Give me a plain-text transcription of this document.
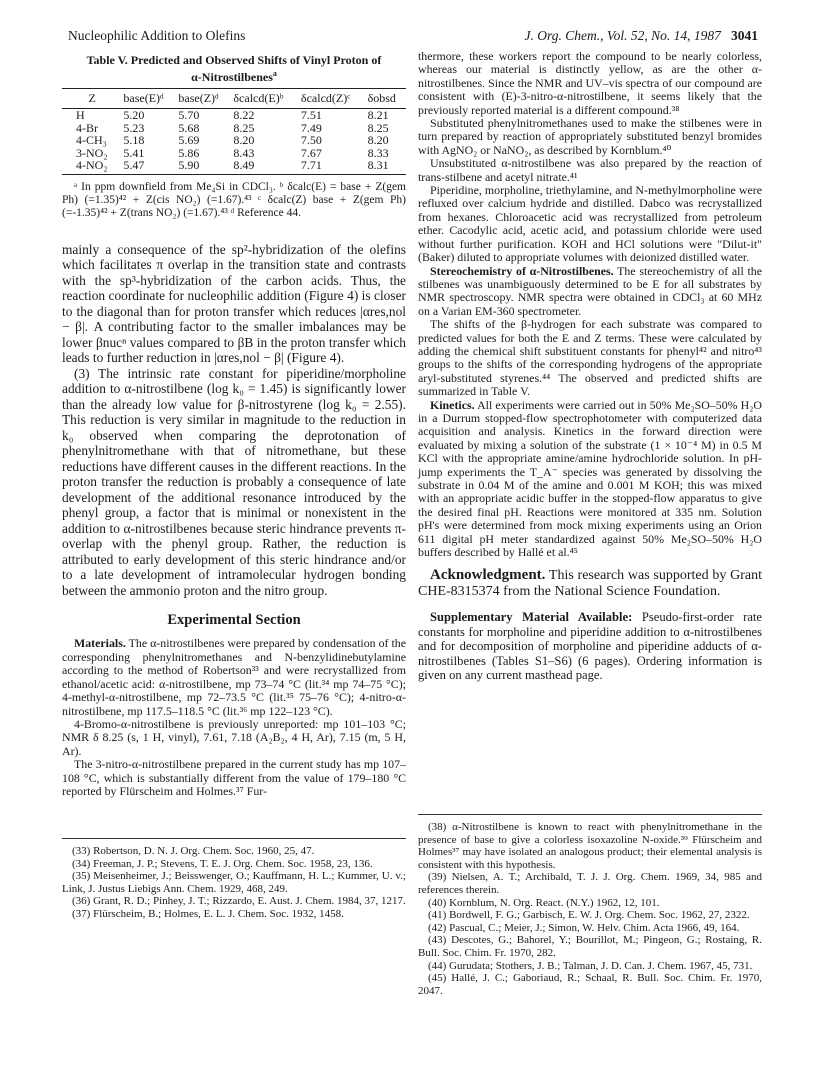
Nucleophilic Addition to Olefins	J. Org. Chem., Vol. 52, No. 14, 1987 3041
Table V. Predicted and Observed Shifts of Vinyl Proton of
α-Nitrostilbenes$^a$
Z	base(E)ᵈ	base(Z)ᵈ	δcalcd(E)ᵇ	δcalcd(Z)ᶜ	δobsd
H	5.20	5.70	8.22	7.51	8.21
4-Br	5.23	5.68	8.25	7.49	8.25
4-CH₃	5.18	5.69	8.20	7.50	8.20
3-NO₂	5.41	5.86	8.43	7.67	8.33
4-NO₂	5.47	5.90	8.49	7.71	8.31

ᵃ In ppm downfield from Me₄Si in CDCl₃. ᵇ δcalc(E) = base + Z(gem Ph) (=1.35)⁴² + Z(cis NO₂) (=1.67).⁴³ ᶜ δcalc(Z) base + Z(gem Ph) (=-1.35)⁴² + Z(trans NO₂) (=1.67).⁴³ ᵈ Reference 44.

mainly a consequence of the sp²-hybridization of the olefins which facilitates π overlap in the transition state and contrasts with the sp³-hybridization of the carbon acids. Thus, the reaction coordinate for nucleophilic addition (Figure 4) is closer to the diagonal than for proton transfer which reduces |αres,nol − β|. A contributing factor to the smaller imbalances may be lower βnucⁿ values compared to βB in the proton transfer which leads to further reduction in |αres,nol − β| (Figure 4).

(3) The intrinsic rate constant for piperidine/morpholine addition to α-nitrostilbene (log k₀ = 1.45) is significantly lower than the already low value for β-nitrostyrene (log k₀ = 2.55). This reduction is very similar in magnitude to the reduction in k₀ observed when comparing the deprotonation of phenylnitromethane with that of nitromethane, but these reductions have different causes in the different reactions. In the proton transfer the reduction is probably a consequence of late development of the additional resonance introduced by the phenyl group, a factor that is minimal or nonexistent in the addition to α-nitrostilbenes because steric hindrance prevents π-overlap with the phenyl group. Rather, the reduction is attributed to early development of this steric hindrance and/or to a late development of intramolecular hydrogen bonding between the ammonio proton and the nitro group.

Experimental Section

Materials. The α-nitrostilbenes were prepared by condensation of the corresponding phenylnitromethanes and N-benzylidinebutylamine according to the method of Robertson³³ and were recrystallized from ethanol/acetic acid: α-nitrostilbene, mp 73–74 °C (lit.³⁴ mp 74–75 °C); 4-methyl-α-nitrostilbene, mp 72–73.5 °C (lit.³⁵ 75–76 °C); 4-nitro-α-nitrostilbene, mp 117.5–118.5 °C (lit.³⁶ mp 122–123 °C).

4-Bromo-α-nitrostilbene is previously unreported: mp 101–103 °C; NMR δ 8.25 (s, 1 H, vinyl), 7.61, 7.18 (A₂B₂, 4 H, Ar), 7.15 (m, 5 H, Ar).

The 3-nitro-α-nitrostilbene prepared in the current study has mp 107–108 °C, which is substantially different from the value of 179–180 °C reported by Flürscheim and Holmes.³⁷ Fur-

thermore, these workers report the compound to be nearly colorless, whereas our material is distinctly yellow, as are the other α-nitrostilbenes. Since the NMR and UV–vis spectra of our compound are consistent with (E)-3-nitro-α-nitrostilbene, it seems likely that the previously reported material is a different compound.³⁸

Substituted phenylnitromethanes used to make the stilbenes were in turn prepared by reaction of appropriately substituted benzyl bromides with AgNO₂ or NaNO₂, as described by Kornblum.⁴⁰

Unsubstituted α-nitrostilbene was also prepared by the reaction of trans-stilbene and acetyl nitrate.⁴¹

Piperidine, morpholine, triethylamine, and N-methylmorpholine were refluxed over calcium hydride and distilled. Dabco was recrystallized from hexanes. Chloroacetic acid was recrystallized from petroleum ether. Cacodylic acid, acetic acid, and potassium chloride were used without further purification. KOH and HCl solutions were "Dilut-it" (Baker) diluted to appropriate volumes with deionized distilled water.

Stereochemistry of α-Nitrostilbenes. The stereochemistry of all the stilbenes was unambiguously determined to be E for all substrates by NMR spectroscopy. NMR spectra were obtained in CDCl₃ at 60 MHz on a Varian EM-360 spectrometer.

The shifts of the β-hydrogen for each substrate was compared to predicted values for both the E and Z terms. These were calculated by adding the chemical shift substituent constants for phenyl⁴² and nitro⁴³ groups to the shifts of the corresponding hydrogens of the appropriate aryl-substituted styrenes.⁴⁴ The observed and predicted shifts are summarized in Table V.

Kinetics. All experiments were carried out in 50% Me₂SO–50% H₂O in a Durrum stopped-flow spectrophotometer with computerized data acquisition and analysis. Kinetics in the forward direction were evaluated by mixing a solution of the substrate (1 × 10⁻⁴ M) in 0.5 M KCl with the appropriate amine/amine hydrochloride solution. In pH-jump experiments the T_A⁻ species was generated by dissolving the substrate in 0.04 M of the amine and 0.001 M KOH; this was mixed with an appropriate acidic buffer in the stopped-flow apparatus to give the desired final pH. Reactions were monitored at 335 nm. Solution pH's were determined from mock mixing experiments using an Orion 611 digital pH meter standardized against 50% Me₂SO–50% H₂O buffers described by Hallé et al.⁴⁵

Acknowledgment. This research was supported by Grant CHE-8315374 from the National Science Foundation.

Supplementary Material Available: Pseudo-first-order rate constants for morpholine and piperidine addition to α-nitrostilbenes and for decomposition of morpholine and piperidine adducts of α-nitrostilbenes (Tables S1–S6) (6 pages). Ordering information is given on any current masthead page.

(33) Robertson, D. N. J. Org. Chem. Soc. 1960, 25, 47.

(34) Freeman, J. P.; Stevens, T. E. J. Org. Chem. Soc. 1958, 23, 136.

(35) Meisenheimer, J.; Beisswenger, O.; Kauffmann, H. L.; Kummer, U. v.; Link, J. Justus Liebigs Ann. Chem. 1929, 468, 249.

(36) Grant, R. D.; Pinhey, J. T.; Rizzardo, E. Aust. J. Chem. 1984, 37, 1217.

(37) Flürscheim, B.; Holmes, E. L. J. Chem. Soc. 1932, 1458.

(38) α-Nitrostilbene is known to react with phenylnitromethane in the presence of base to give a colorless isoxazoline N-oxide.³⁹ Flürscheim and Holmes³⁷ may have isolated an analogous product; their elemental analysis is consistent with this hypothesis.

(39) Nielsen, A. T.; Archibald, T. J. J. Org. Chem. 1969, 34, 985 and references therein.

(40) Kornblum, N. Org. React. (N.Y.) 1962, 12, 101.

(41) Bordwell, F. G.; Garbisch, E. W. J. Org. Chem. Soc. 1962, 27, 2322.

(42) Pascual, C.; Meier, J.; Simon, W. Helv. Chim. Acta 1966, 49, 164.

(43) Descotes, G.; Bahorel, Y.; Bourillot, M.; Pingeon, G.; Rostaing, R. Bull. Soc. Chim. Fr. 1970, 282.

(44) Gurudata; Stothers, J. B.; Talman, J. D. Can. J. Chem. 1967, 45, 731.

(45) Hallé, J. C.; Gaboriaud, R.; Schaal, R. Bull. Soc. Chim. Fr. 1970, 2047.
